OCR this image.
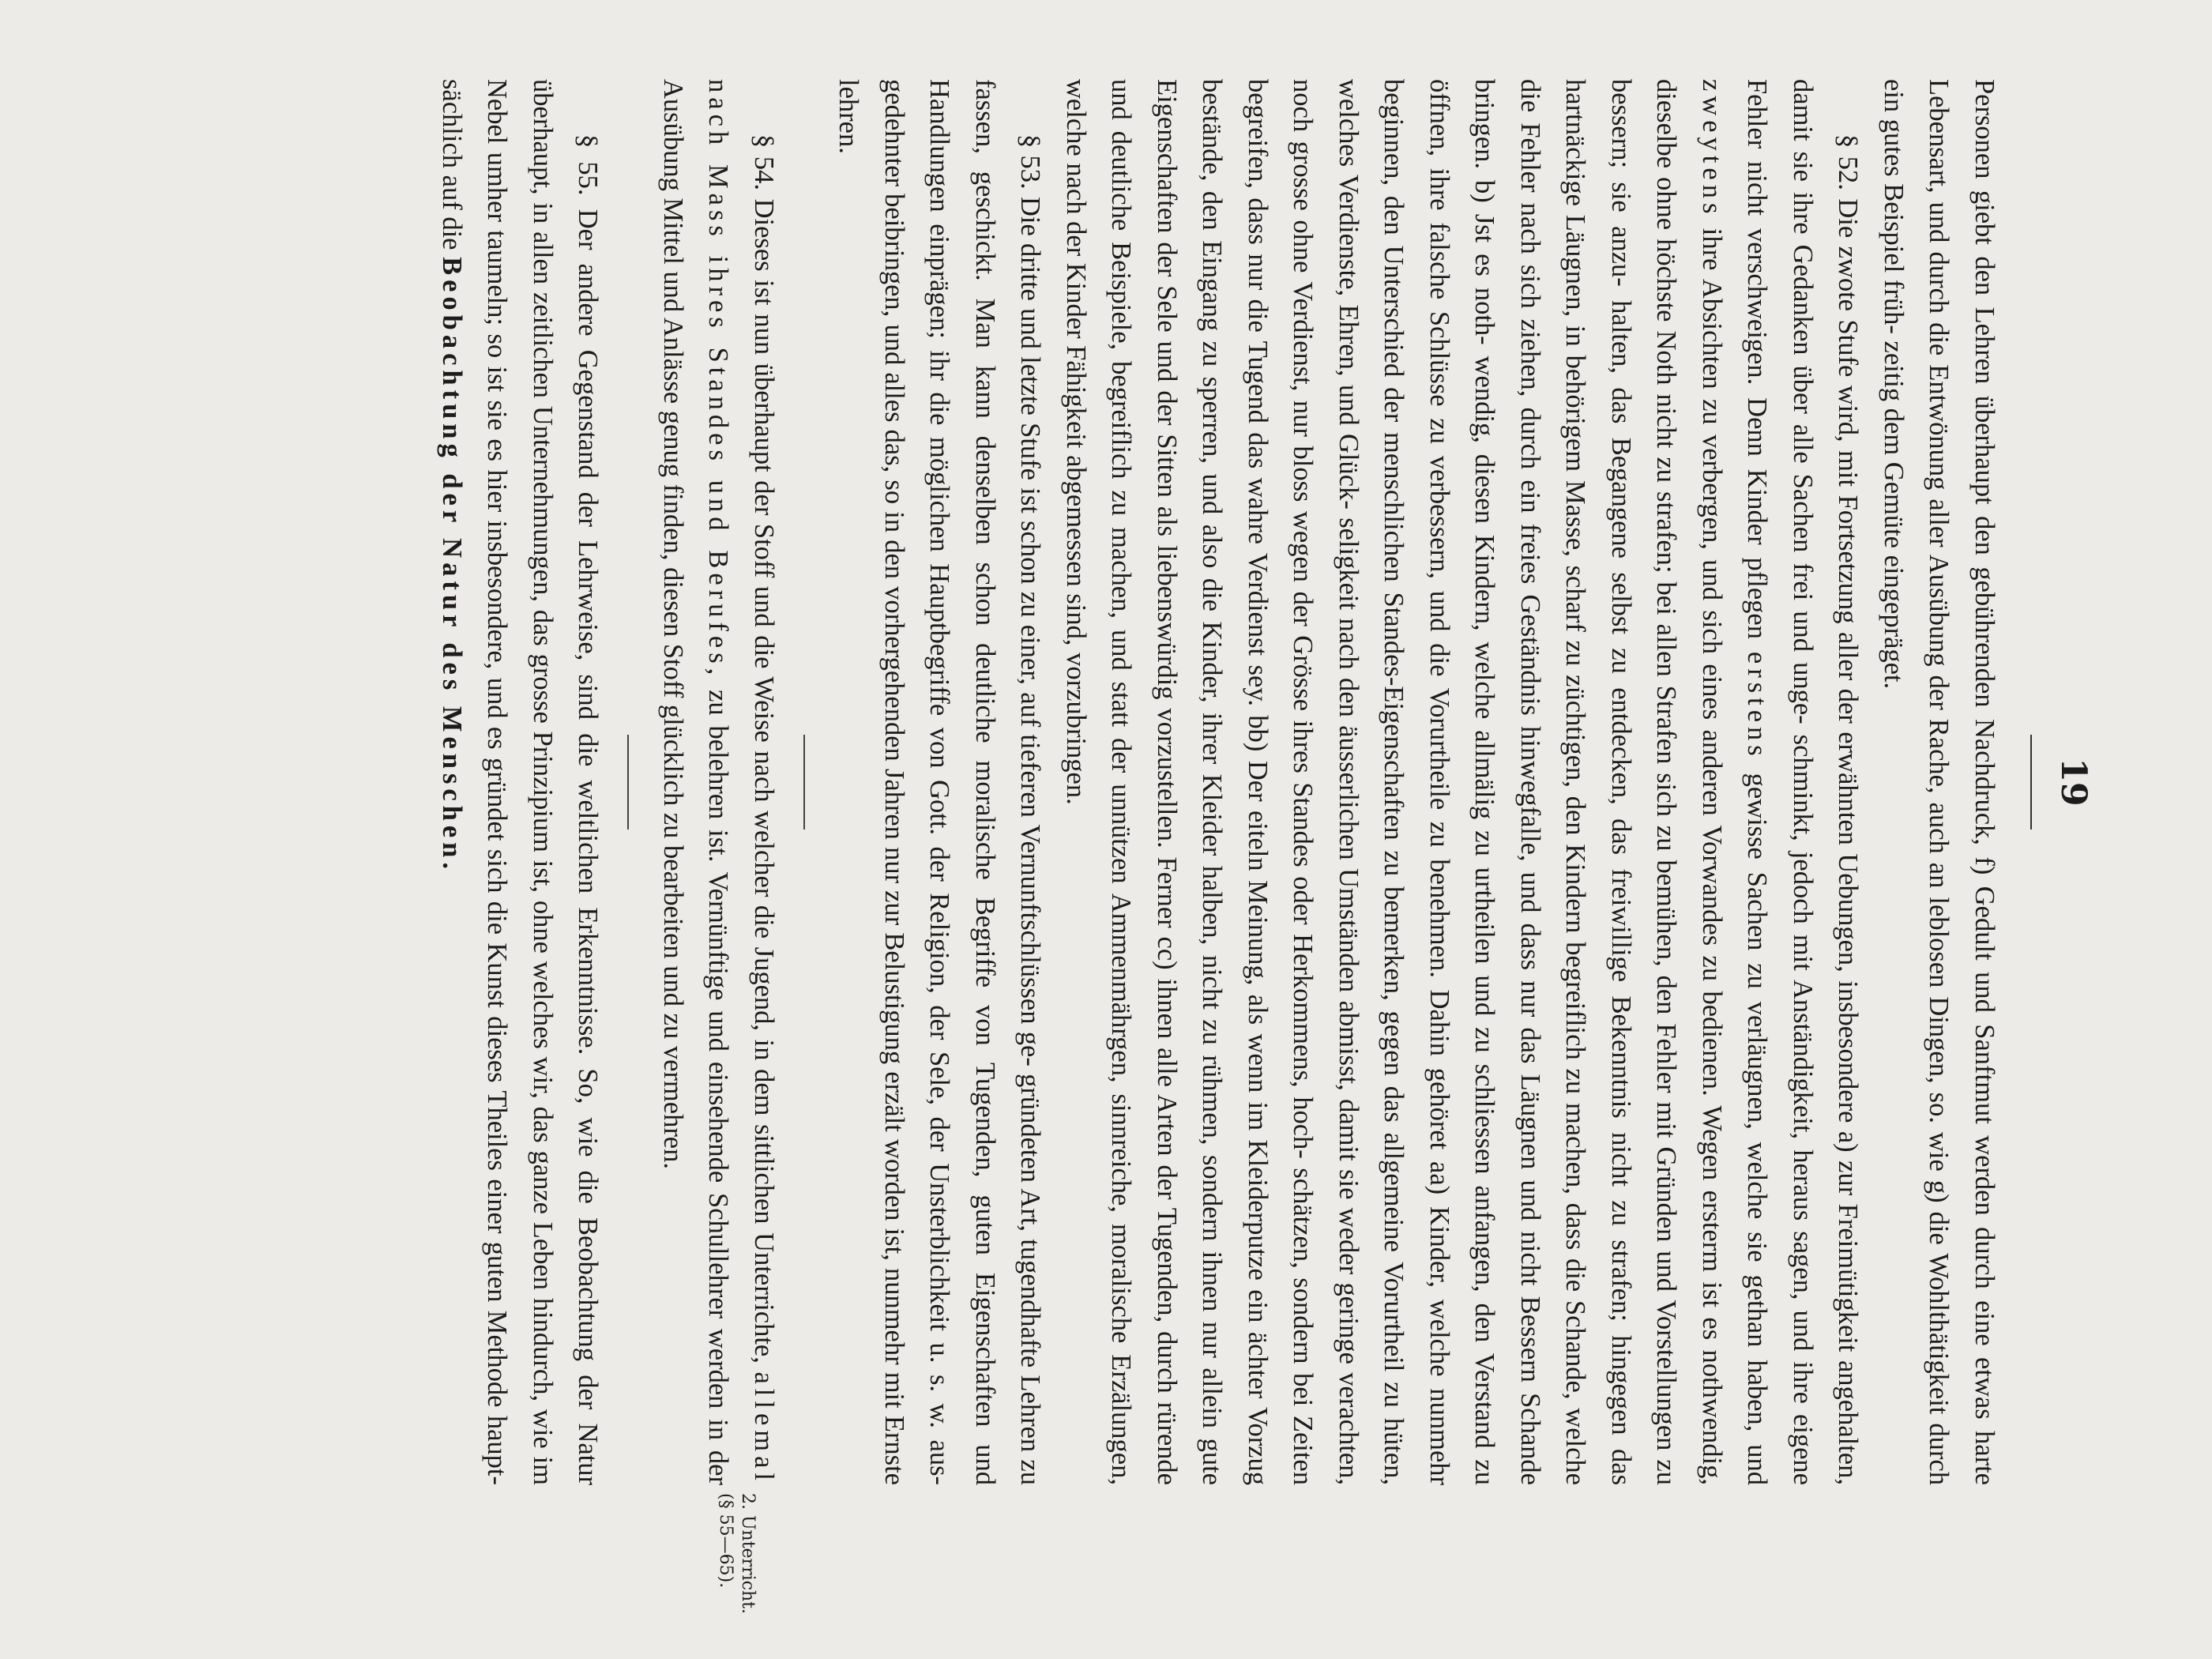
19

Personen giebt den Lehren überhaupt den gebührenden Nachdruck, f) Gedult und Sanftmut werden durch eine etwas harte Lebensart, und durch die Entwönung aller Ausübung der Rache, auch an leblosen Dingen, so. wie g) die Wohlthätigkeit durch ein gutes Beispiel früh- zeitig dem Gemüte eingepräget.

§ 52. Die zwote Stufe wird, mit Fortsetzung aller der erwähnten Uebungen, insbesondere a) zur Freimütigkeit angehalten, damit sie ihre Gedanken über alle Sachen frei und unge- schminkt, jedoch mit Anständigkeit, heraus sagen, und ihre eigene Fehler nicht verschweigen. Denn Kinder pflegen erstens gewisse Sachen zu verläugnen, welche sie gethan haben, und zweytens ihre Absichten zu verbergen, und sich eines anderen Vorwandes zu bedienen. Wegen ersterm ist es nothwendig, dieselbe ohne höchste Noth nicht zu strafen; bei allen Strafen sich zu bemühen, den Fehler mit Gründen und Vorstellungen zu bessern; sie anzu- halten, das Begangene selbst zu entdecken, das freiwillige Bekenntnis nicht zu strafen; hingegen das hartnäckige Läugnen, in behörigem Masse, scharf zu züchtigen, den Kindern begreiflich zu machen, dass die Schande, welche die Fehler nach sich ziehen, durch ein freies Geständnis hinwegfalle, und dass nur das Läugnen und nicht Bessern Schande bringen. b) Jst es noth- wendig, diesen Kindern, welche allmälig zu urtheilen und zu schliessen anfangen, den Verstand zu öffnen, ihre falsche Schlüsse zu verbessern, und die Vorurtheile zu benehmen. Dahin gehöret aa) Kinder, welche nunmehr beginnen, den Unterschied der menschlichen Standes-Eigenschaften zu bemerken, gegen das allgemeine Vorurtheil zu hüten, welches Verdienste, Ehren, und Glück- seligkeit nach den äusserlichen Umständen abmisst, damit sie weder geringe verachten, noch grosse ohne Verdienst, nur bloss wegen der Grösse ihres Standes oder Herkommens, hoch- schätzen, sondern bei Zeiten begreifen, dass nur die Tugend das wahre Verdienst sey. bb) Der eiteln Meinung, als wenn im Kleiderputze ein ächter Vorzug bestände, den Eingang zu sperren, und also die Kinder, ihrer Kleider halben, nicht zu rühmen, sondern ihnen nur allein gute Eigenschaften der Sele und der Sitten als liebenswürdig vorzustellen. Ferner cc) ihnen alle Arten der Tugenden, durch rürende und deutliche Beispiele, begreiflich zu machen, und statt der unnützen Ammenmährgen, sinnreiche, moralische Erzälungen, welche nach der Kinder Fähigkeit abgemessen sind, vorzubringen.

§ 53. Die dritte und letzte Stufe ist schon zu einer, auf tieferen Vernunftschlüssen ge- gründeten Art, tugendhafte Lehren zu fassen, geschickt. Man kann denselben schon deutliche moralische Begriffe von Tugenden, guten Eigenschaften und Handlungen einprägen; ihr die möglichen Hauptbegriffe von Gott. der Religion, der Sele, der Unsterblichkeit u. s. w. aus- gedehnter beibringen, und alles das, so in den vorhergehenden Jahren nur zur Belustigung erzält worden ist, nunmehr mit Ernste lehren.

§ 54. Dieses ist nun überhaupt der Stoff und die Weise nach welcher die Jugend, in dem sittlichen Unterrichte, allemal nach Mass ihres Standes und Berufes, zu belehren ist. Vernünftige und einsehende Schullehrer werden in der Ausübung Mittel und Anlässe genug finden, diesen Stoff glücklich zu bearbeiten und zu vermehren.

§ 55. Der andere Gegenstand der Lehrweise, sind die weltlichen Erkenntnisse. So, wie die Beobachtung der Natur überhaupt, in allen zeitlichen Unternehmungen, das grosse Prinzipium ist, ohne welches wir, das ganze Leben hindurch, wie im Nebel umher taumeln; so ist sie es hier insbesondere, und es gründet sich die Kunst dieses Theiles einer guten Methode haupt- sächlich auf die Beobachtung der Natur des Menschen.

2. Unterricht.
(§ 55—65).
